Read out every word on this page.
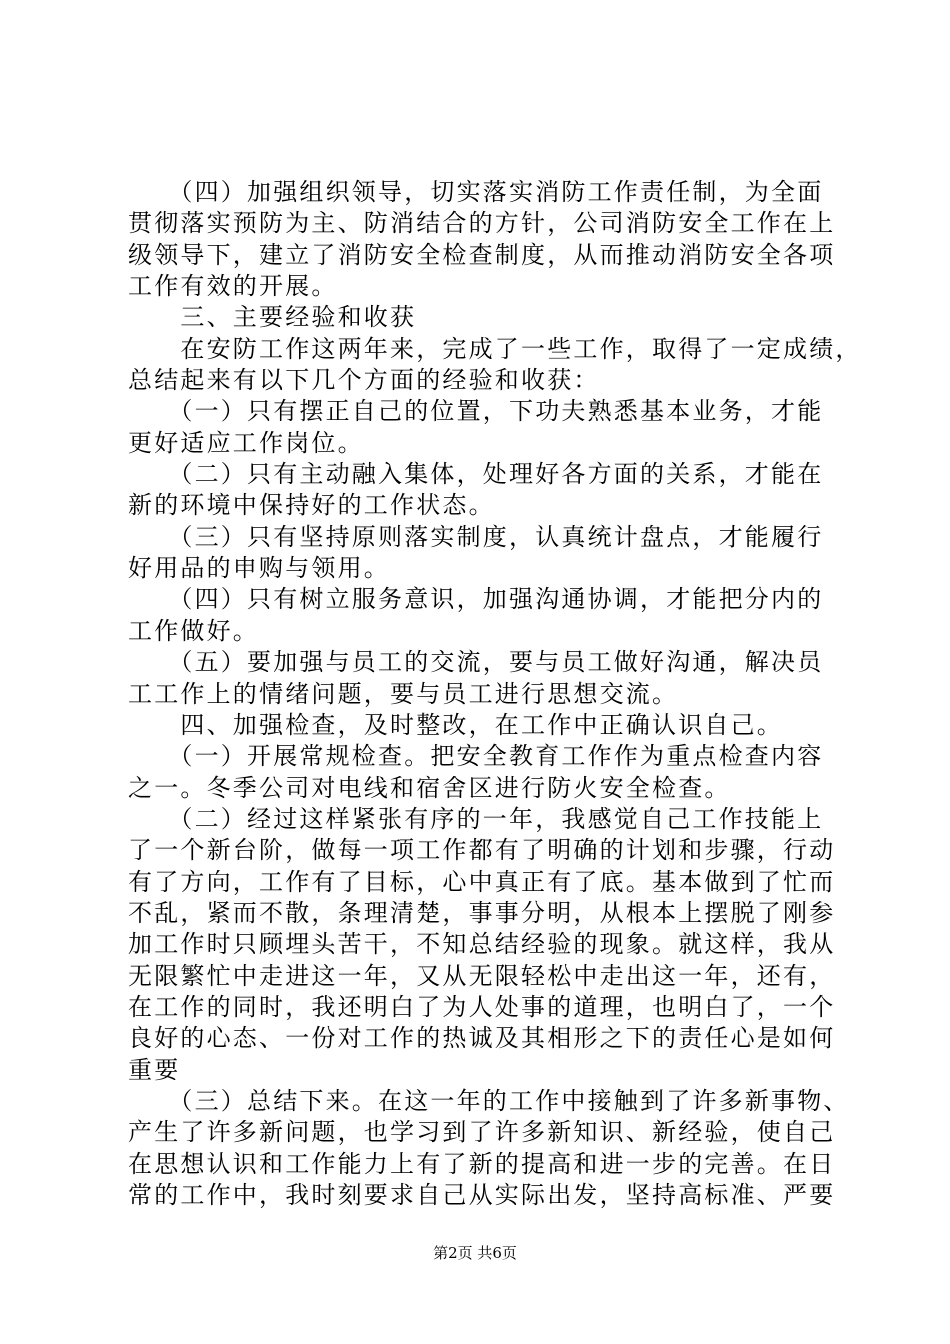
　　（四）加强组织领导，切实落实消防工作责任制，为全面
贯彻落实预防为主、防消结合的方针，公司消防安全工作在上
级领导下，建立了消防安全检查制度，从而推动消防安全各项
工作有效的开展。
　　三、主要经验和收获
　　在安防工作这两年来，完成了一些工作，取得了一定成绩，
总结起来有以下几个方面的经验和收获：
　　（一）只有摆正自己的位置，下功夫熟悉基本业务，才能
更好适应工作岗位。
　　（二）只有主动融入集体，处理好各方面的关系，才能在
新的环境中保持好的工作状态。
　　（三）只有坚持原则落实制度，认真统计盘点，才能履行
好用品的申购与领用。
　　（四）只有树立服务意识，加强沟通协调，才能把分内的
工作做好。
　　（五）要加强与员工的交流，要与员工做好沟通，解决员
工工作上的情绪问题，要与员工进行思想交流。
　　四、加强检查，及时整改，在工作中正确认识自己。
　　（一）开展常规检查。把安全教育工作作为重点检查内容
之一。冬季公司对电线和宿舍区进行防火安全检查。
　　（二）经过这样紧张有序的一年，我感觉自己工作技能上
了一个新台阶，做每一项工作都有了明确的计划和步骤，行动
有了方向，工作有了目标，心中真正有了底。基本做到了忙而
不乱，紧而不散，条理清楚，事事分明，从根本上摆脱了刚参
加工作时只顾埋头苦干，不知总结经验的现象。就这样，我从
无限繁忙中走进这一年，又从无限轻松中走出这一年，还有，
在工作的同时，我还明白了为人处事的道理，也明白了，一个
良好的心态、一份对工作的热诚及其相形之下的责任心是如何
重要
　　（三）总结下来。在这一年的工作中接触到了许多新事物、
产生了许多新问题，也学习到了许多新知识、新经验，使自己
在思想认识和工作能力上有了新的提高和进一步的完善。在日
常的工作中，我时刻要求自己从实际出发，坚持高标准、严要
第2页 共6页
